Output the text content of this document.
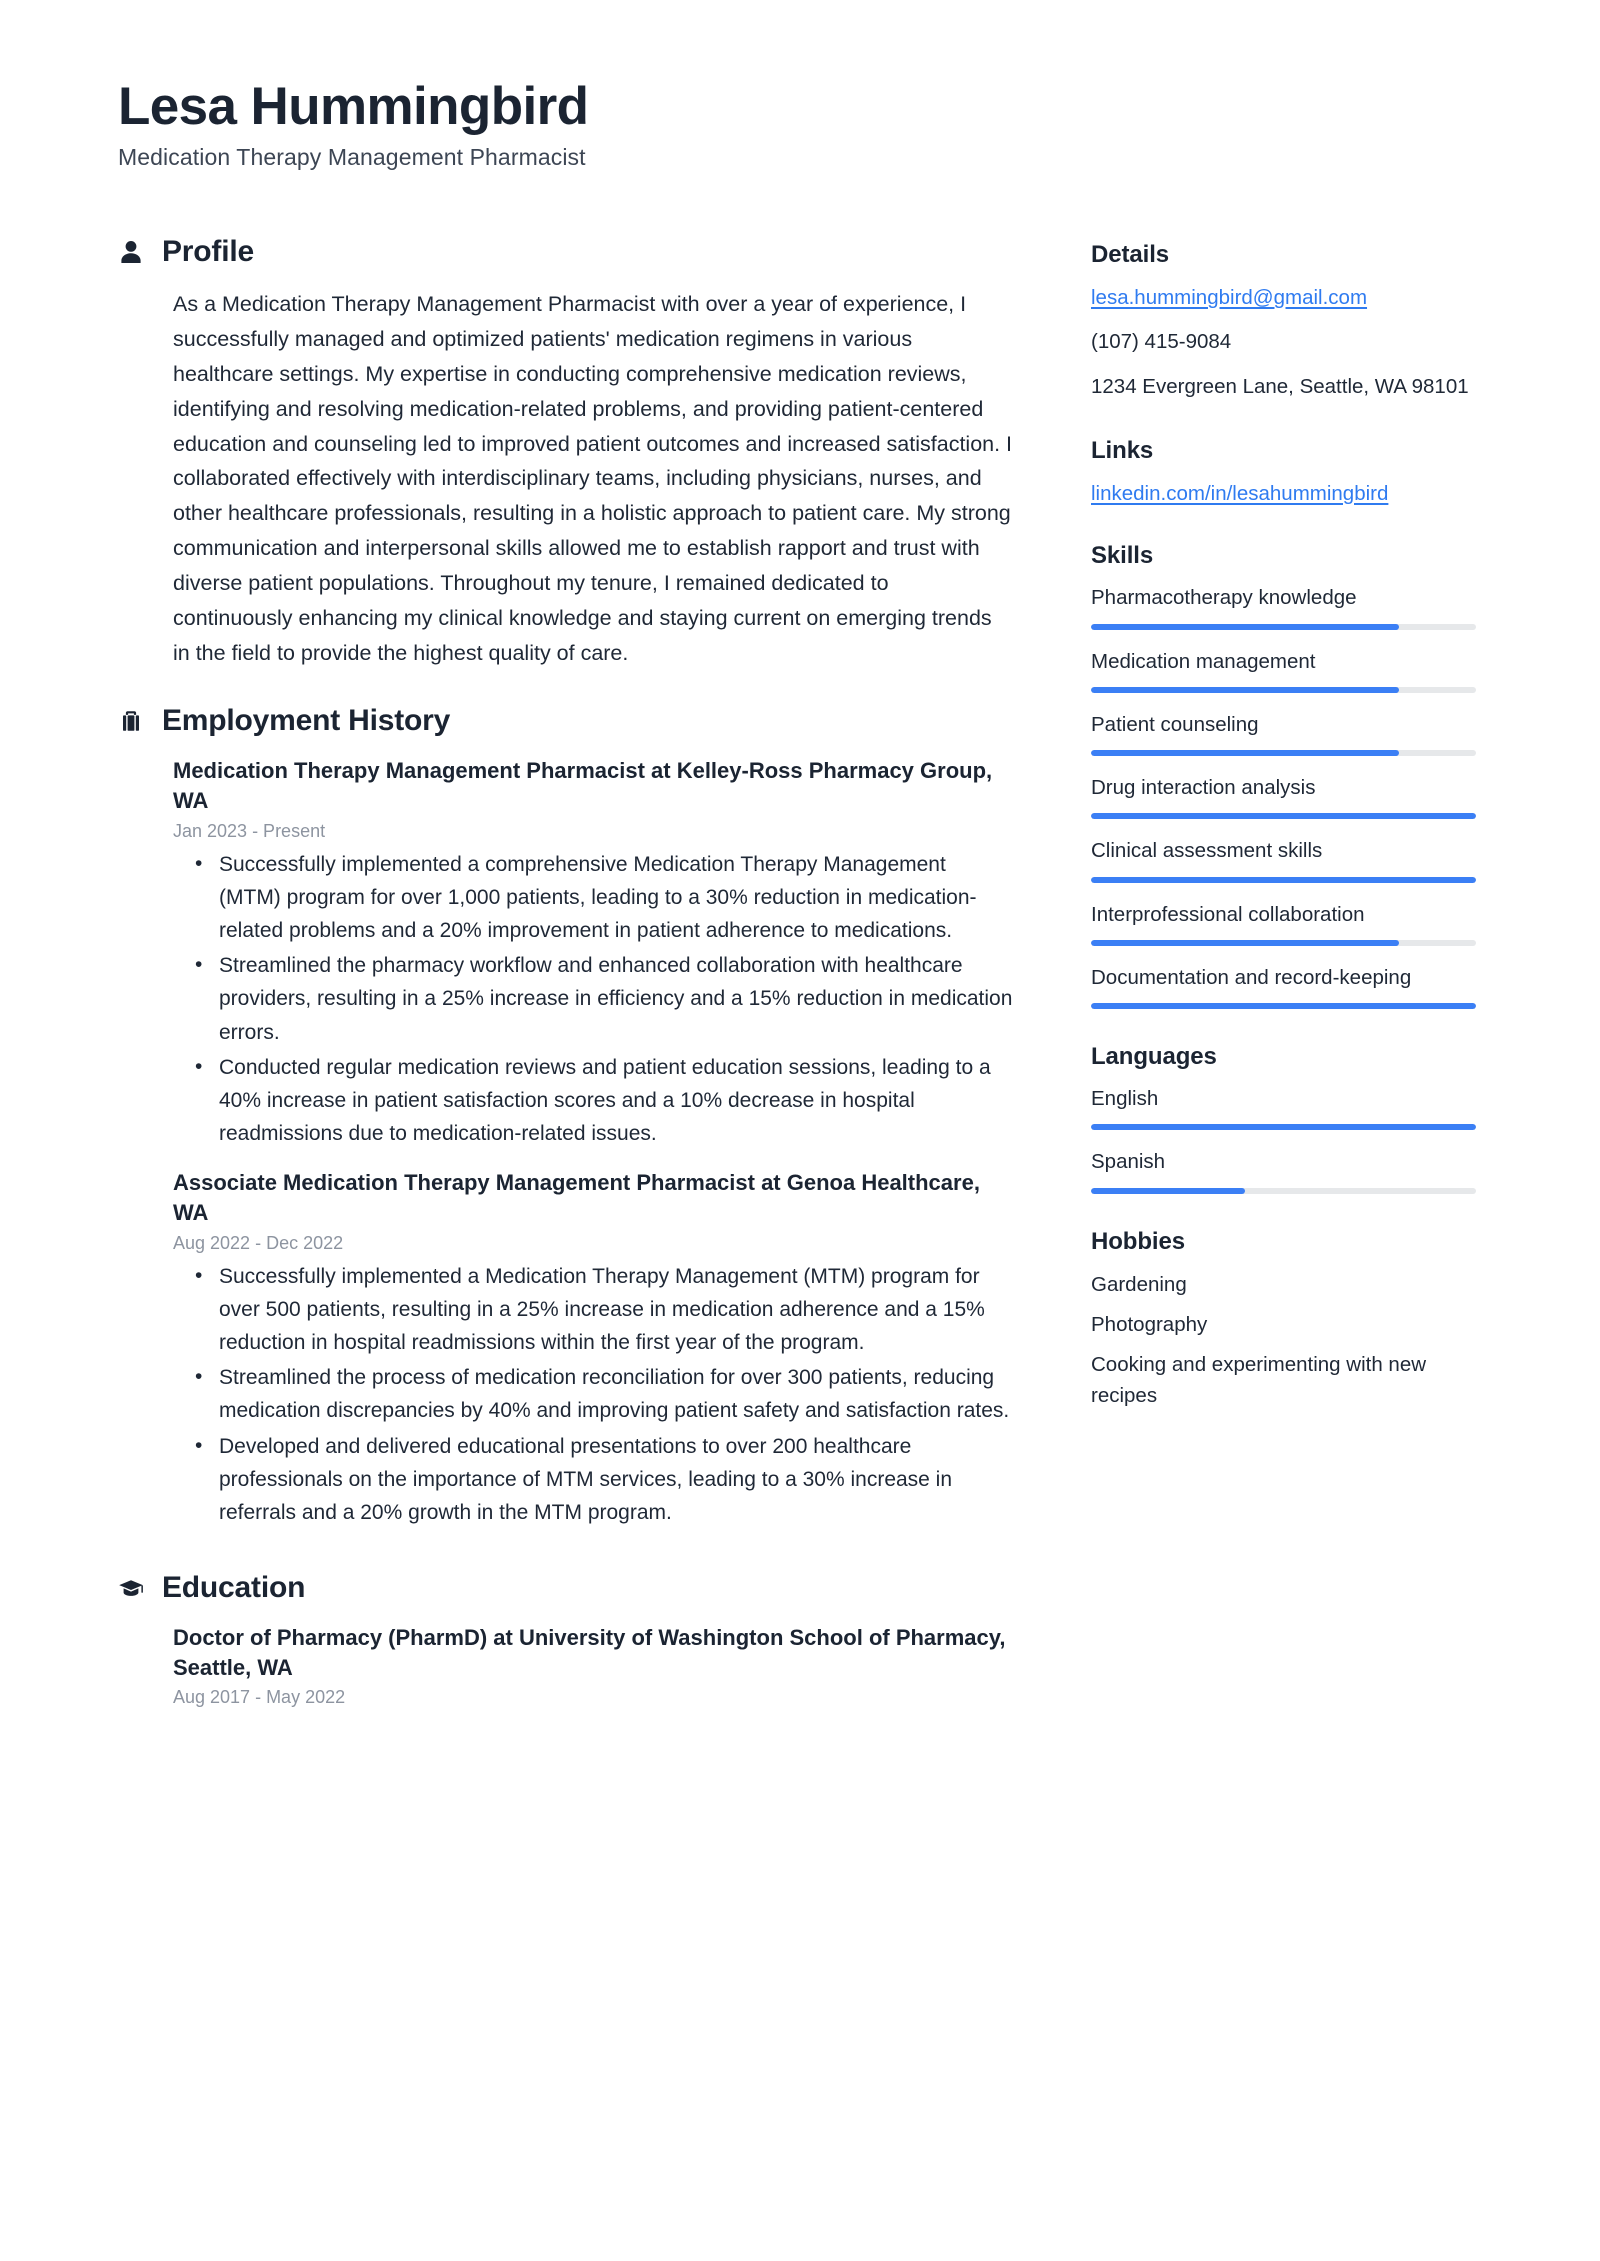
Lesa Hummingbird
Medication Therapy Management Pharmacist
Profile

As a Medication Therapy Management Pharmacist with over a year of experience, I successfully managed and optimized patients' medication regimens in various healthcare settings. My expertise in conducting comprehensive medication reviews, identifying and resolving medication-related problems, and providing patient-centered education and counseling led to improved patient outcomes and increased satisfaction. I collaborated effectively with interdisciplinary teams, including physicians, nurses, and other healthcare professionals, resulting in a holistic approach to patient care. My strong communication and interpersonal skills allowed me to establish rapport and trust with diverse patient populations. Throughout my tenure, I remained dedicated to continuously enhancing my clinical knowledge and staying current on emerging trends in the field to provide the highest quality of care.

Employment History
Medication Therapy Management Pharmacist at Kelley-Ross Pharmacy Group, WA
Jan 2023 - Present
• Successfully implemented a comprehensive Medication Therapy Management (MTM) program for over 1,000 patients, leading to a 30% reduction in medication-related problems and a 20% improvement in patient adherence to medications.
• Streamlined the pharmacy workflow and enhanced collaboration with healthcare providers, resulting in a 25% increase in efficiency and a 15% reduction in medication errors.
• Conducted regular medication reviews and patient education sessions, leading to a 40% increase in patient satisfaction scores and a 10% decrease in hospital readmissions due to medication-related issues.
Associate Medication Therapy Management Pharmacist at Genoa Healthcare, WA
Aug 2022 - Dec 2022
• Successfully implemented a Medication Therapy Management (MTM) program for over 500 patients, resulting in a 25% increase in medication adherence and a 15% reduction in hospital readmissions within the first year of the program.
• Streamlined the process of medication reconciliation for over 300 patients, reducing medication discrepancies by 40% and improving patient safety and satisfaction rates.
• Developed and delivered educational presentations to over 200 healthcare professionals on the importance of MTM services, leading to a 30% increase in referrals and a 20% growth in the MTM program.
Education
Doctor of Pharmacy (PharmD) at University of Washington School of Pharmacy, Seattle, WA
Aug 2017 - May 2022
Details
lesa.hummingbird@gmail.com
(107) 415-9084
1234 Evergreen Lane, Seattle, WA 98101
Links
linkedin.com/in/lesahummingbird
Skills
Pharmacotherapy knowledge
Medication management
Patient counseling
Drug interaction analysis
Clinical assessment skills
Interprofessional collaboration
Documentation and record-keeping
Languages
English
Spanish
Hobbies
Gardening
Photography
Cooking and experimenting with new recipes
